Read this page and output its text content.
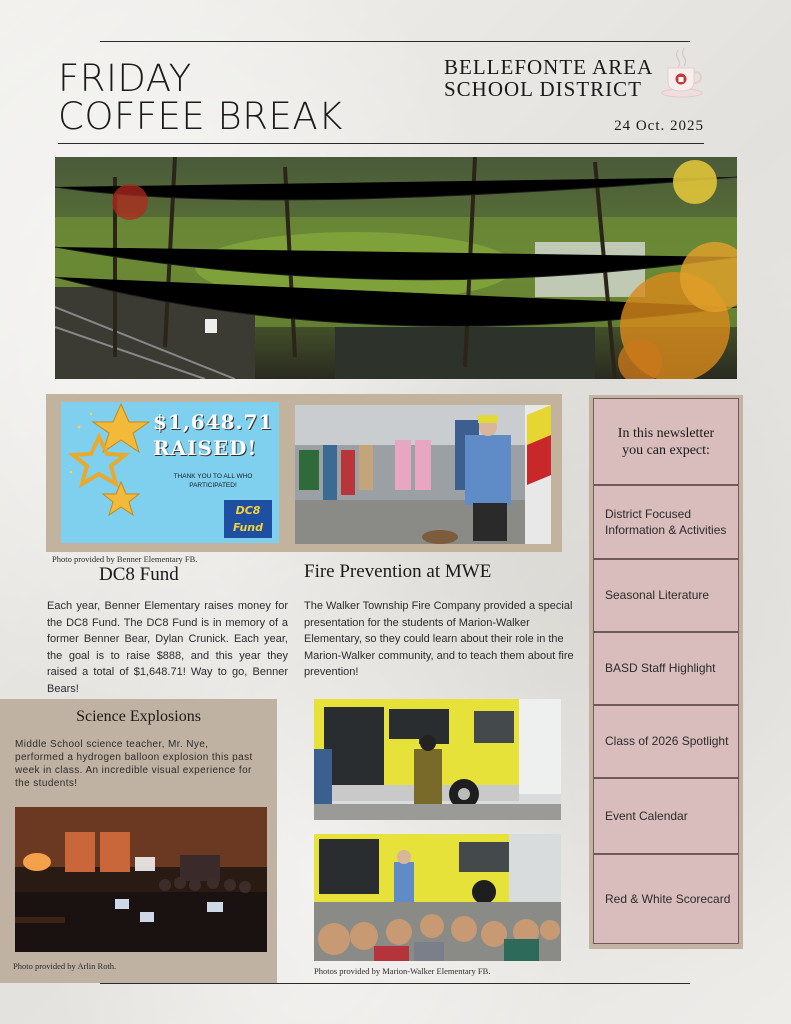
FRIDAY
COFFEE BREAK
BELLEFONTE AREA
SCHOOL DISTRICT
24 Oct. 2025
$1,648.71
RAISED!
THANK YOU TO ALL WHO
PARTICIPATED!
DC8 Fund
Photo provided by Benner Elementary FB.
DC8 Fund
Each year, Benner Elementary raises money for the DC8 Fund. The DC8 Fund is in memory of a former Benner Bear, Dylan Crunick. Each year, the goal is to raise $888, and this year they raised a total of $1,648.71! Way to go, Benner Bears!
Fire Prevention at MWE
The Walker Township Fire Company provided a special presentation for the students of Marion-Walker Elementary, so they could learn about their role in the Marion-Walker community, and to teach them about fire prevention!
Science Explosions
Middle School science teacher, Mr. Nye, performed a hydrogen balloon explosion this past week in class. An incredible visual experience for the students!
Photo provided by Arlin Roth.	Photos provided by Marion-Walker Elementary FB.
In this newsletter
you can expect:
District Focused Information & Activities
Seasonal Literature
BASD Staff Highlight
Class of 2026 Spotlight
Event Calendar
Red & White Scorecard
